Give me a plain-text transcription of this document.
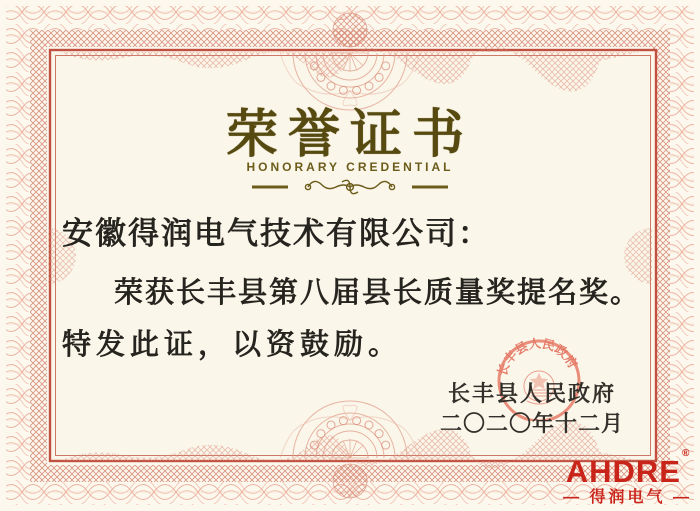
荣誉证书
HONORARY CREDENTIAL
安徽得润电气技术有限公司：
荣获长丰县第八届县长质量奖提名奖。
特发此证，以资鼓励。
长丰县人民政府
二〇二〇年十二月
长丰县人民政府
AHDRE®
— 得润电气 —
